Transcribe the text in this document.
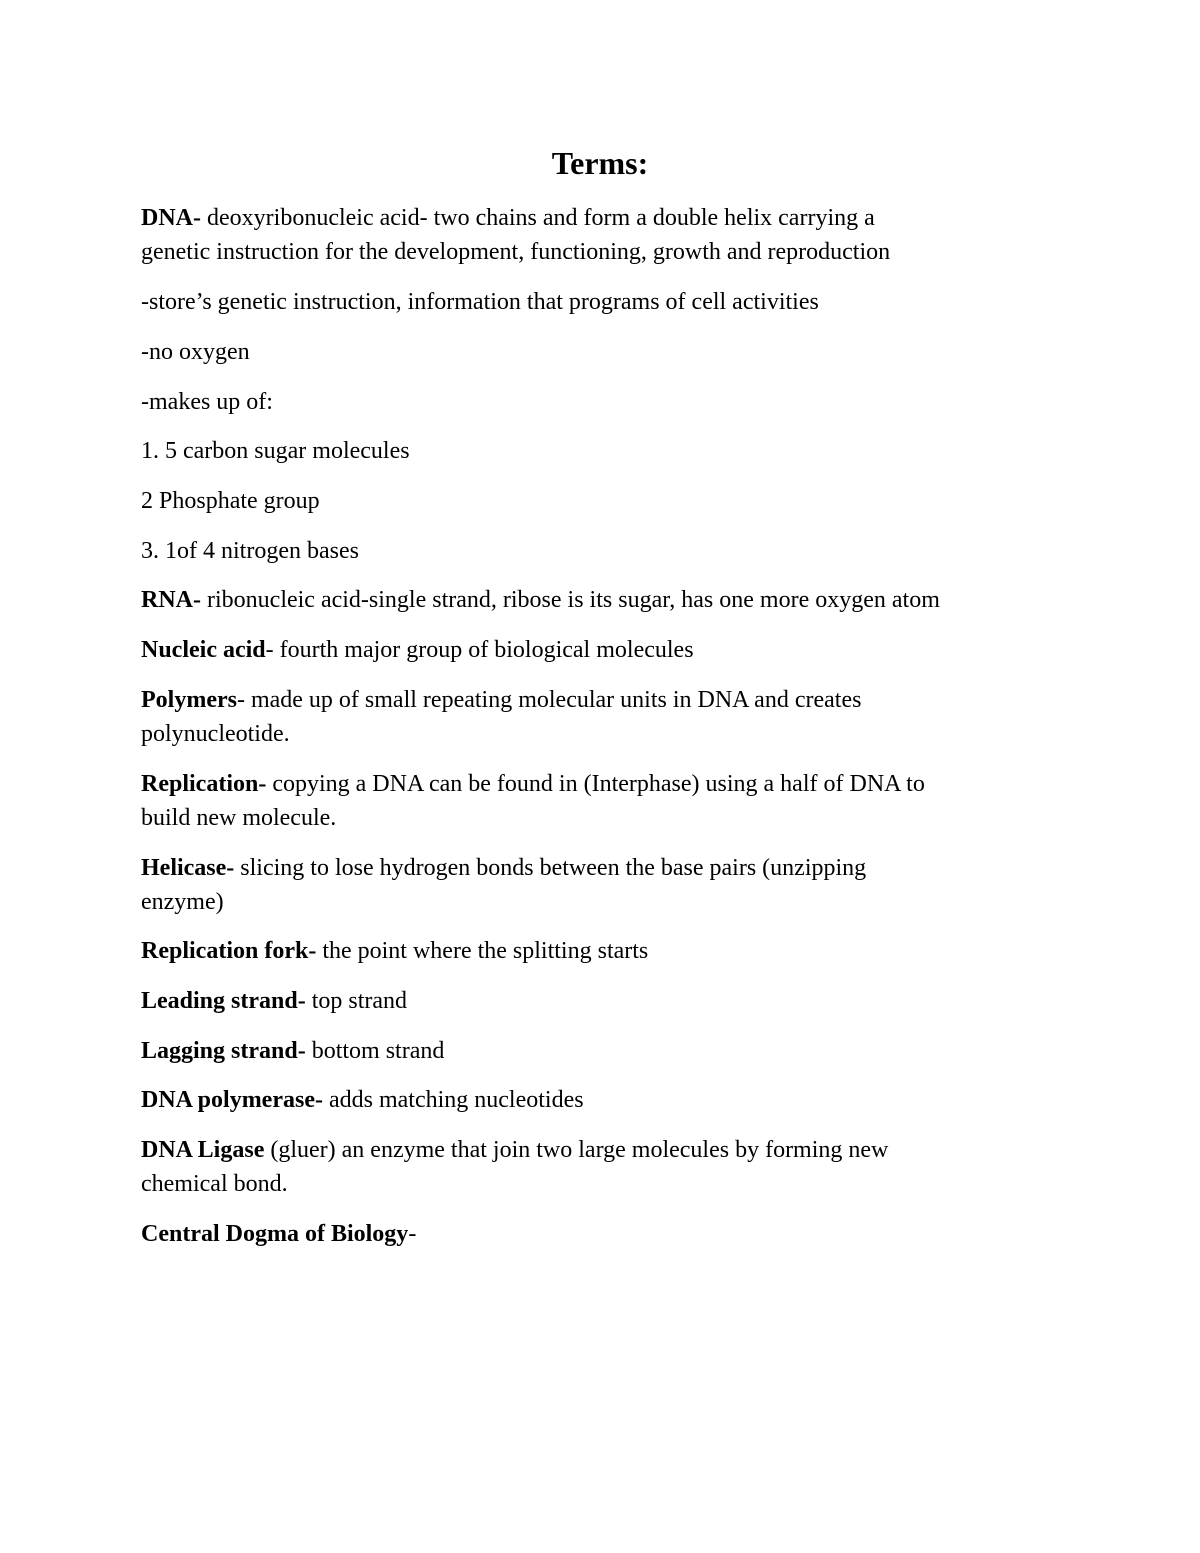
Terms:
DNA- deoxyribonucleic acid- two chains and form a double helix carrying a
genetic instruction for the development, functioning, growth and reproduction
-store’s genetic instruction, information that programs of cell activities
-no oxygen
-makes up of:
1. 5 carbon sugar molecules
2 Phosphate group
3. 1of 4 nitrogen bases
RNA- ribonucleic acid-single strand, ribose is its sugar, has one more oxygen atom
Nucleic acid- fourth major group of biological molecules
Polymers- made up of small repeating molecular units in DNA and creates
polynucleotide.
Replication- copying a DNA can be found in (Interphase) using a half of DNA to
build new molecule.
Helicase- slicing to lose hydrogen bonds between the base pairs (unzipping
enzyme)
Replication fork- the point where the splitting starts
Leading strand- top strand
Lagging strand- bottom strand
DNA polymerase- adds matching nucleotides
DNA Ligase (gluer) an enzyme that join two large molecules by forming new
chemical bond.
Central Dogma of Biology-
